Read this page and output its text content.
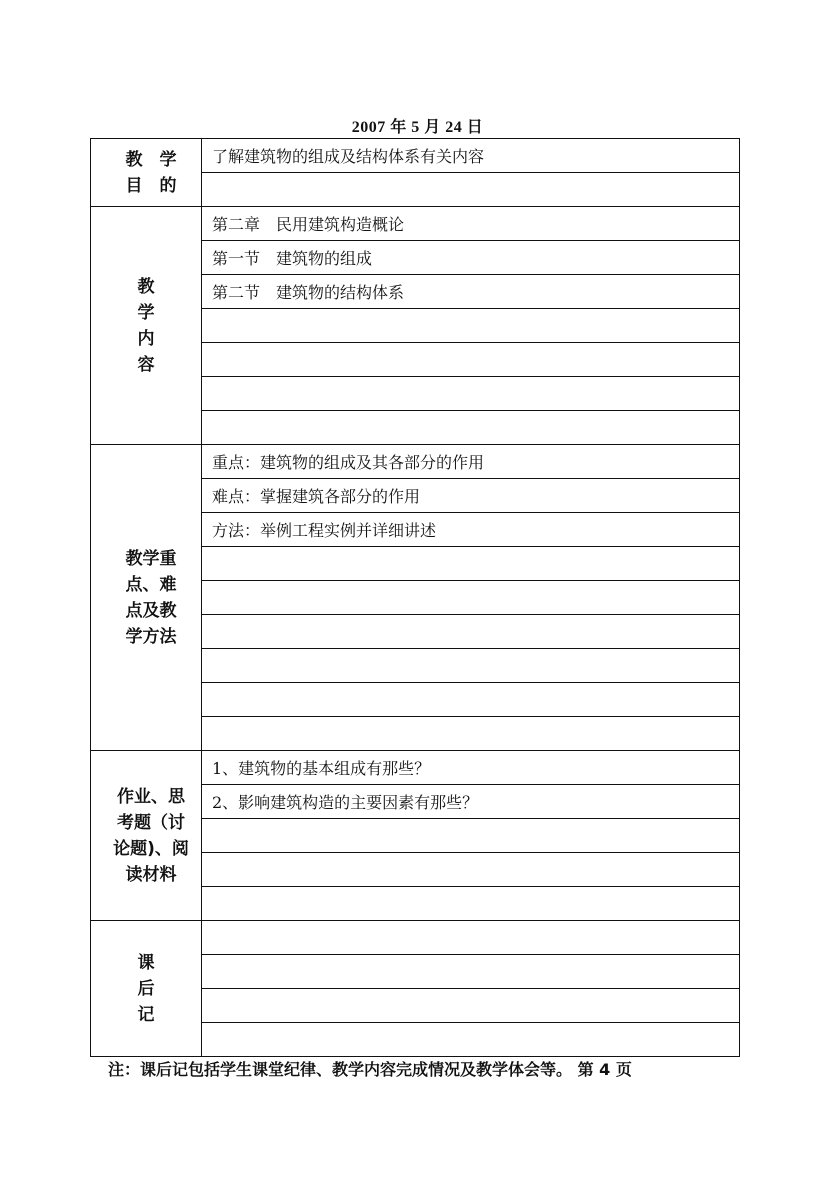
2007 年 5 月 24 日
教　学
目　的	了解建筑物的组成及结构体系有关内容

教
学
内
容	第二章　民用建筑构造概论
	第一节　建筑物的组成
	第二节　建筑物的结构体系

教学重
点、难
点及教
学方法	重点：建筑物的组成及其各部分的作用
	难点：掌握建筑各部分的作用
	方法：举例工程实例并详细讲述

作业、思
考题（讨
论题)、阅
读材料	1、建筑物的基本组成有那些？
	2、影响建筑构造的主要因素有那些？

课
后
记	

注：课后记包括学生课堂纪律、教学内容完成情况及教学体会等。 第 4 页
